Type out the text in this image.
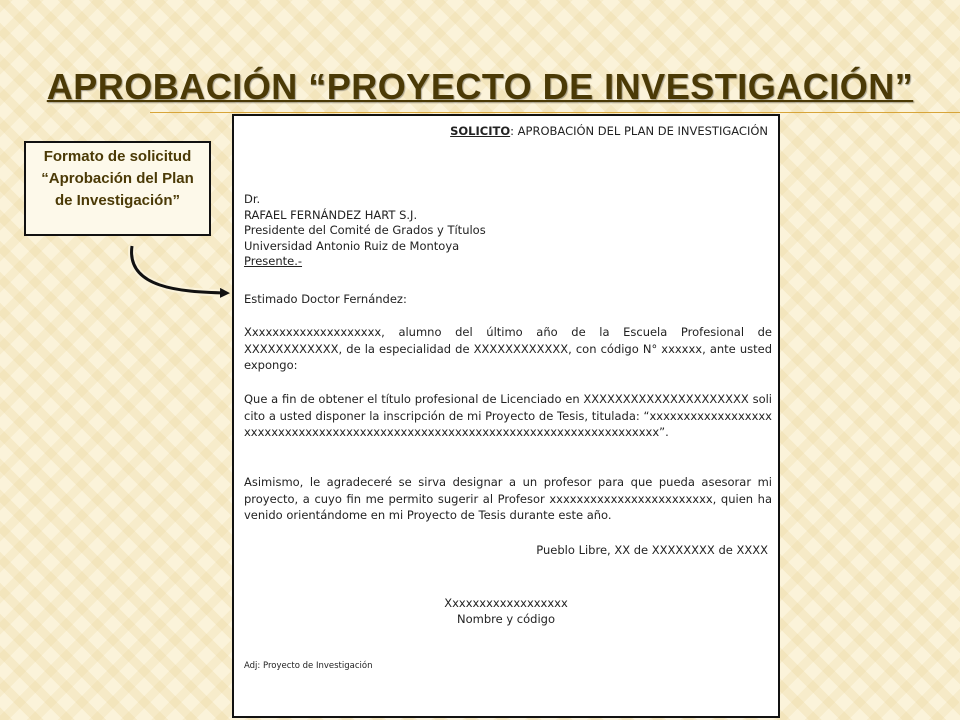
APROBACIÓN “PROYECTO DE INVESTIGACIÓN”
Formato de solicitud
“Aprobación del Plan
de Investigación”
SOLICITO: APROBACIÓN DEL PLAN DE INVESTIGACIÓN
Dr.
RAFAEL FERNÁNDEZ HART S.J.
Presidente del Comité de Grados y Títulos
Universidad Antonio Ruiz de Montoya
Presente.-
Estimado Doctor Fernández:

Xxxxxxxxxxxxxxxxxxxx, alumno del último año de la Escuela Profesional de XXXXXXXXXXXX, de la especialidad de XXXXXXXXXXXX, con código N° xxxxxx, ante usted expongo:

Que a fin de obtener el título profesional de Licenciado en XXXXXXXXXXXXXXXXXXXXX solicito a usted disponer la inscripción de mi Proyecto de Tesis, titulada: “xxxxxxxxxxxxxxxxxxxxxxxxxxxxxxxxxxxxxxxxxxxxxxxxxxxxxxxxxxxxxxxxxxxxxxxxxxxxxxx”.

Asimismo, le agradeceré se sirva designar a un profesor para que pueda asesorar mi proyecto, a cuyo fin me permito sugerir al Profesor xxxxxxxxxxxxxxxxxxxxxxxx, quien ha venido orientándome en mi Proyecto de Tesis durante este año.

Pueblo Libre, XX de XXXXXXXX de XXXX
Xxxxxxxxxxxxxxxxxx
Nombre y código
Adj: Proyecto de Investigación
